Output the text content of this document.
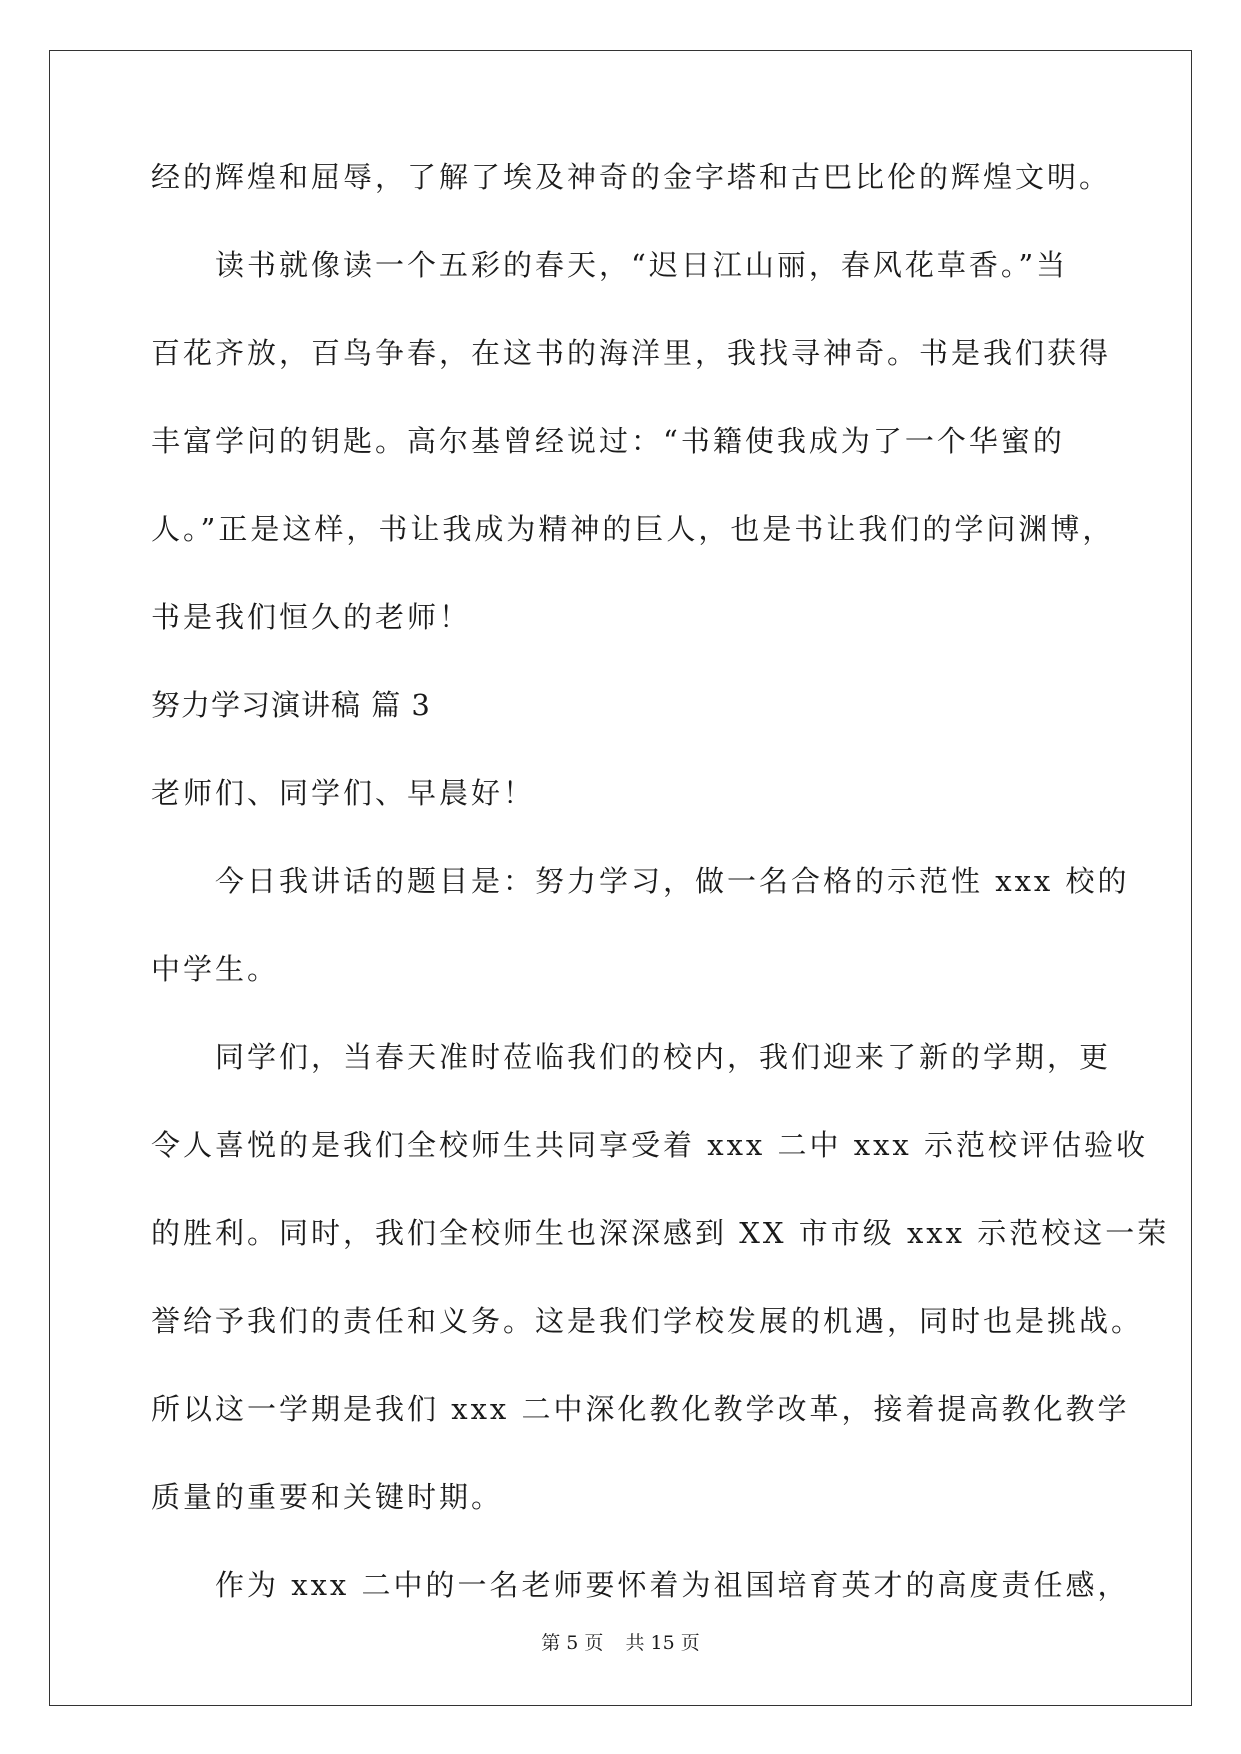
经的辉煌和屈辱，了解了埃及神奇的金字塔和古巴比伦的辉煌文明。

读书就像读一个五彩的春天，“迟日江山丽，春风花草香。”当

百花齐放，百鸟争春，在这书的海洋里，我找寻神奇。书是我们获得

丰富学问的钥匙。高尔基曾经说过：“书籍使我成为了一个华蜜的

人。”正是这样，书让我成为精神的巨人，也是书让我们的学问渊博，

书是我们恒久的老师！

努力学习演讲稿 篇 3

老师们、同学们、早晨好！

今日我讲话的题目是：努力学习，做一名合格的示范性 xxx 校的

中学生。

同学们，当春天准时莅临我们的校内，我们迎来了新的学期，更

令人喜悦的是我们全校师生共同享受着 xxx 二中 xxx 示范校评估验收

的胜利。同时，我们全校师生也深深感到 XX 市市级 xxx 示范校这一荣

誉给予我们的责任和义务。这是我们学校发展的机遇，同时也是挑战。

所以这一学期是我们 xxx 二中深化教化教学改革，接着提高教化教学

质量的重要和关键时期。

作为 xxx 二中的一名老师要怀着为祖国培育英才的高度责任感，

第 5 页 共 15 页
